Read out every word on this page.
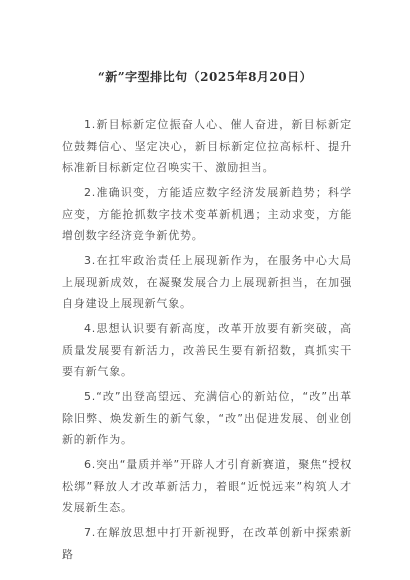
“新”字型排比句（2025年8月20日）

1.新目标新定位振奋人心、催人奋进，新目标新定位鼓舞信心、坚定决心，新目标新定位拉高标杆、提升标准新目标新定位召唤实干、激励担当。

2.准确识变，方能适应数字经济发展新趋势；科学应变，方能抢抓数字技术变革新机遇；主动求变，方能增创数字经济竞争新优势。

3.在扛牢政治责任上展现新作为，在服务中心大局上展现新成效，在凝聚发展合力上展现新担当，在加强自身建设上展现新气象。

4.思想认识要有新高度，改革开放要有新突破，高质量发展要有新活力，改善民生要有新招数，真抓实干要有新气象。

5.“改”出登高望远、充满信心的新站位，“改”出革除旧弊、焕发新生的新气象，“改”出促进发展、创业创新的新作为。

6.突出“量质并举”开辟人才引育新赛道，聚焦“授权松绑”释放人才改革新活力，着眼“近悦远来”构筑人才发展新生态。

7.在解放思想中打开新视野，在改革创新中探索新路
